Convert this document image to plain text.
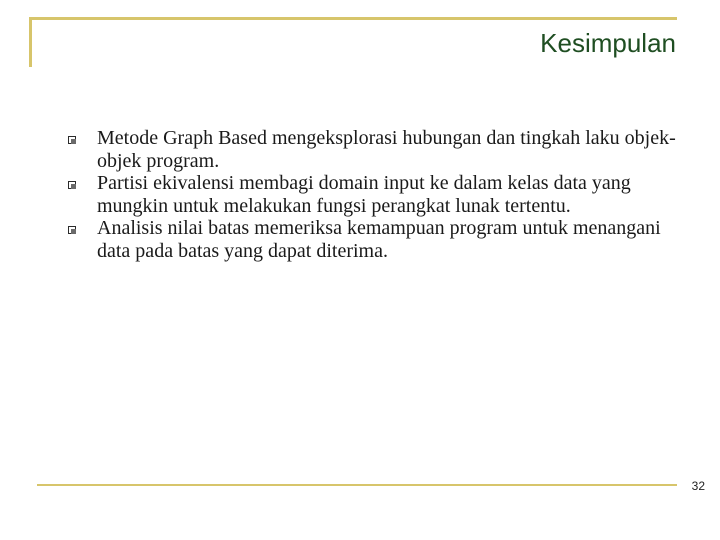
Kesimpulan
Metode Graph Based mengeksplorasi hubungan dan tingkah laku objek-objek program.
Partisi ekivalensi membagi domain input ke dalam kelas data yang mungkin untuk melakukan fungsi perangkat lunak tertentu.
Analisis nilai batas memeriksa kemampuan program untuk menangani data pada batas yang dapat diterima.
32
